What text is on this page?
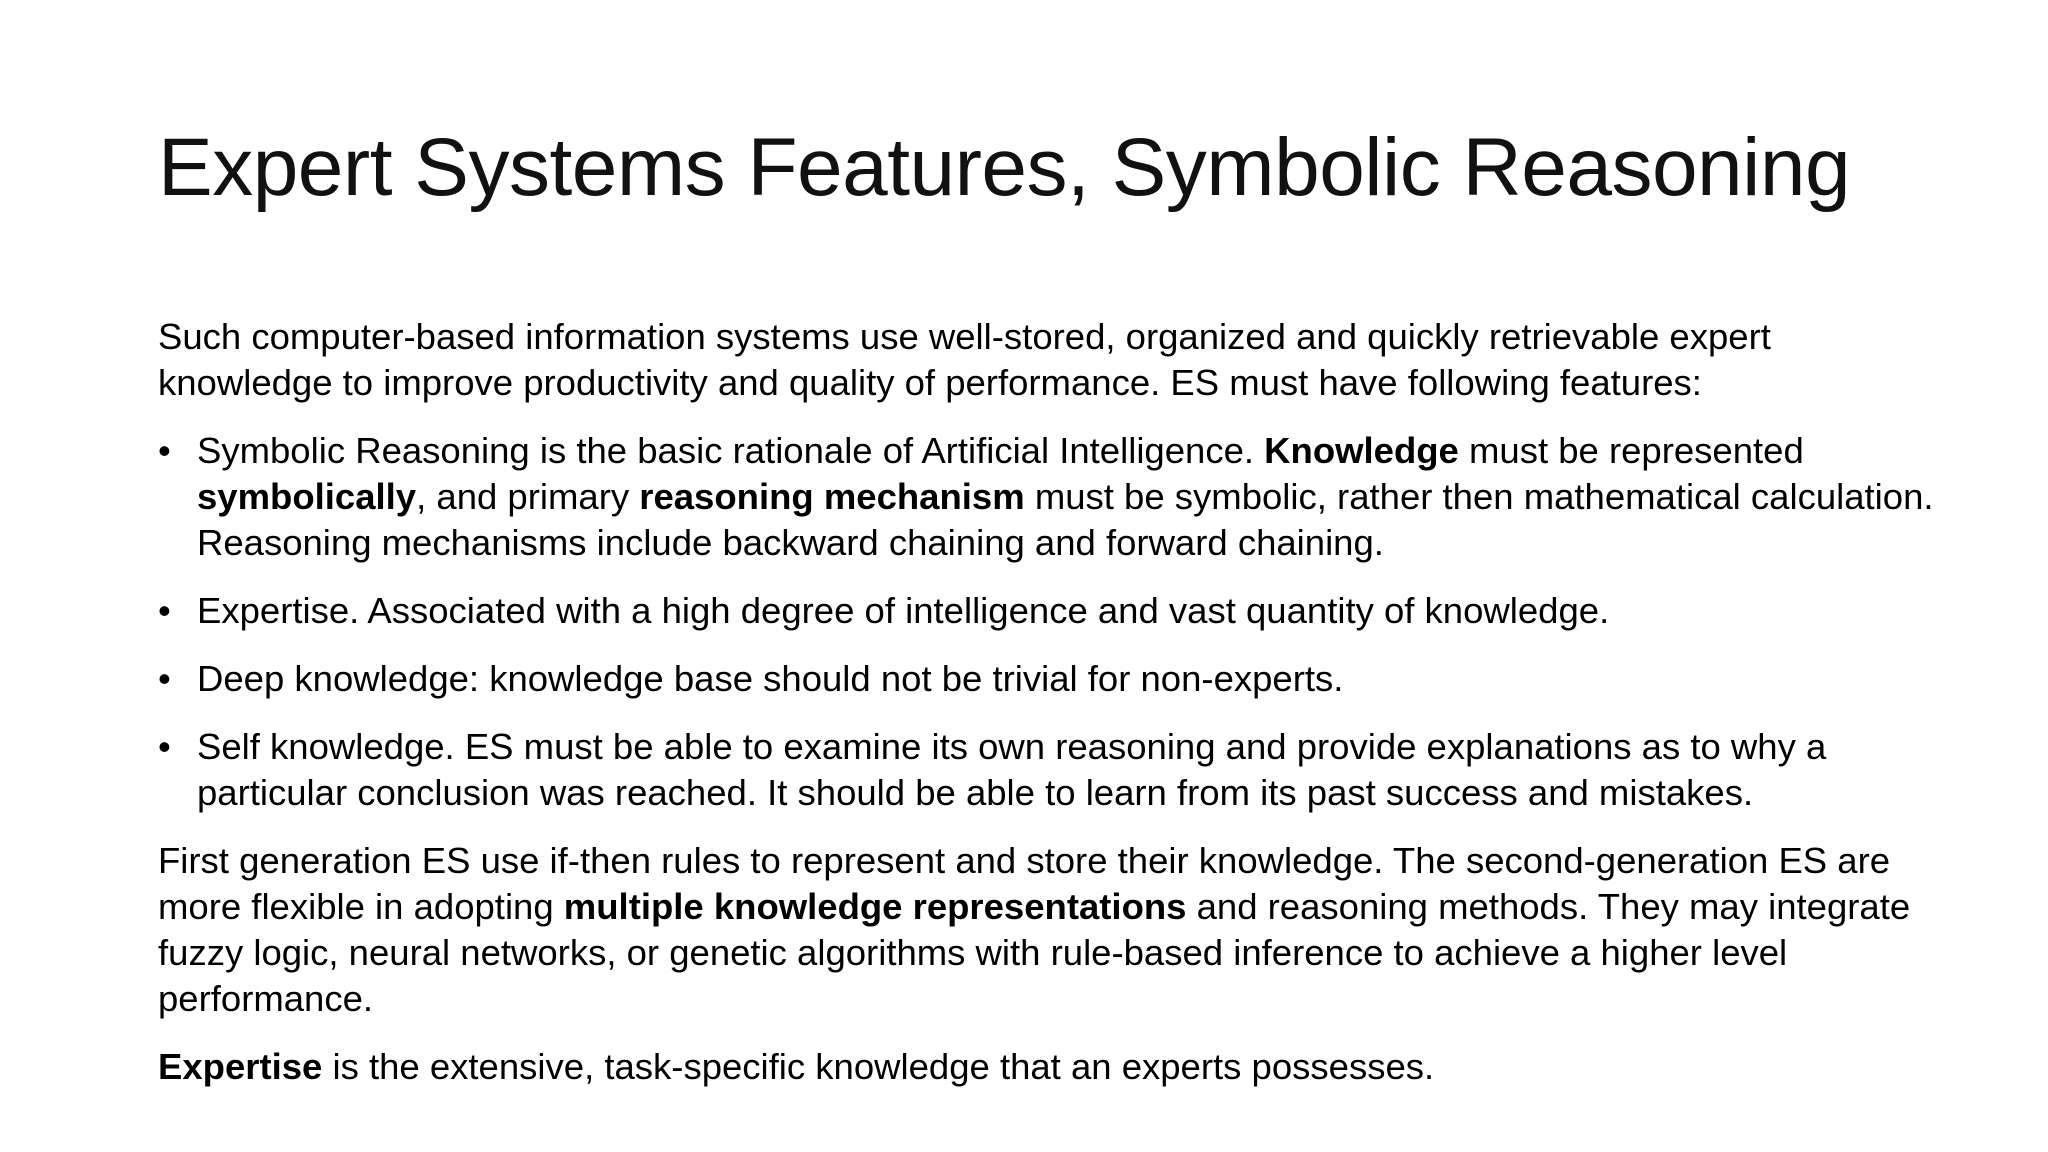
Expert Systems Features, Symbolic Reasoning

Such computer-based information systems use well-stored, organized and quickly retrievable expert knowledge to improve productivity and quality of performance. ES must have following features:

• Symbolic Reasoning is the basic rationale of Artificial Intelligence. Knowledge must be represented symbolically, and primary reasoning mechanism must be symbolic, rather then mathematical calculation. Reasoning mechanisms include backward chaining and forward chaining.
• Expertise. Associated with a high degree of intelligence and vast quantity of knowledge.
• Deep knowledge: knowledge base should not be trivial for non-experts.
• Self knowledge. ES must be able to examine its own reasoning and provide explanations as to why a particular conclusion was reached. It should be able to learn from its past success and mistakes.

First generation ES use if-then rules to represent and store their knowledge. The second-generation ES are more flexible in adopting multiple knowledge representations and reasoning methods. They may integrate fuzzy logic, neural networks, or genetic algorithms with rule-based inference to achieve a higher level performance.

Expertise is the extensive, task-specific knowledge that an experts possesses.
